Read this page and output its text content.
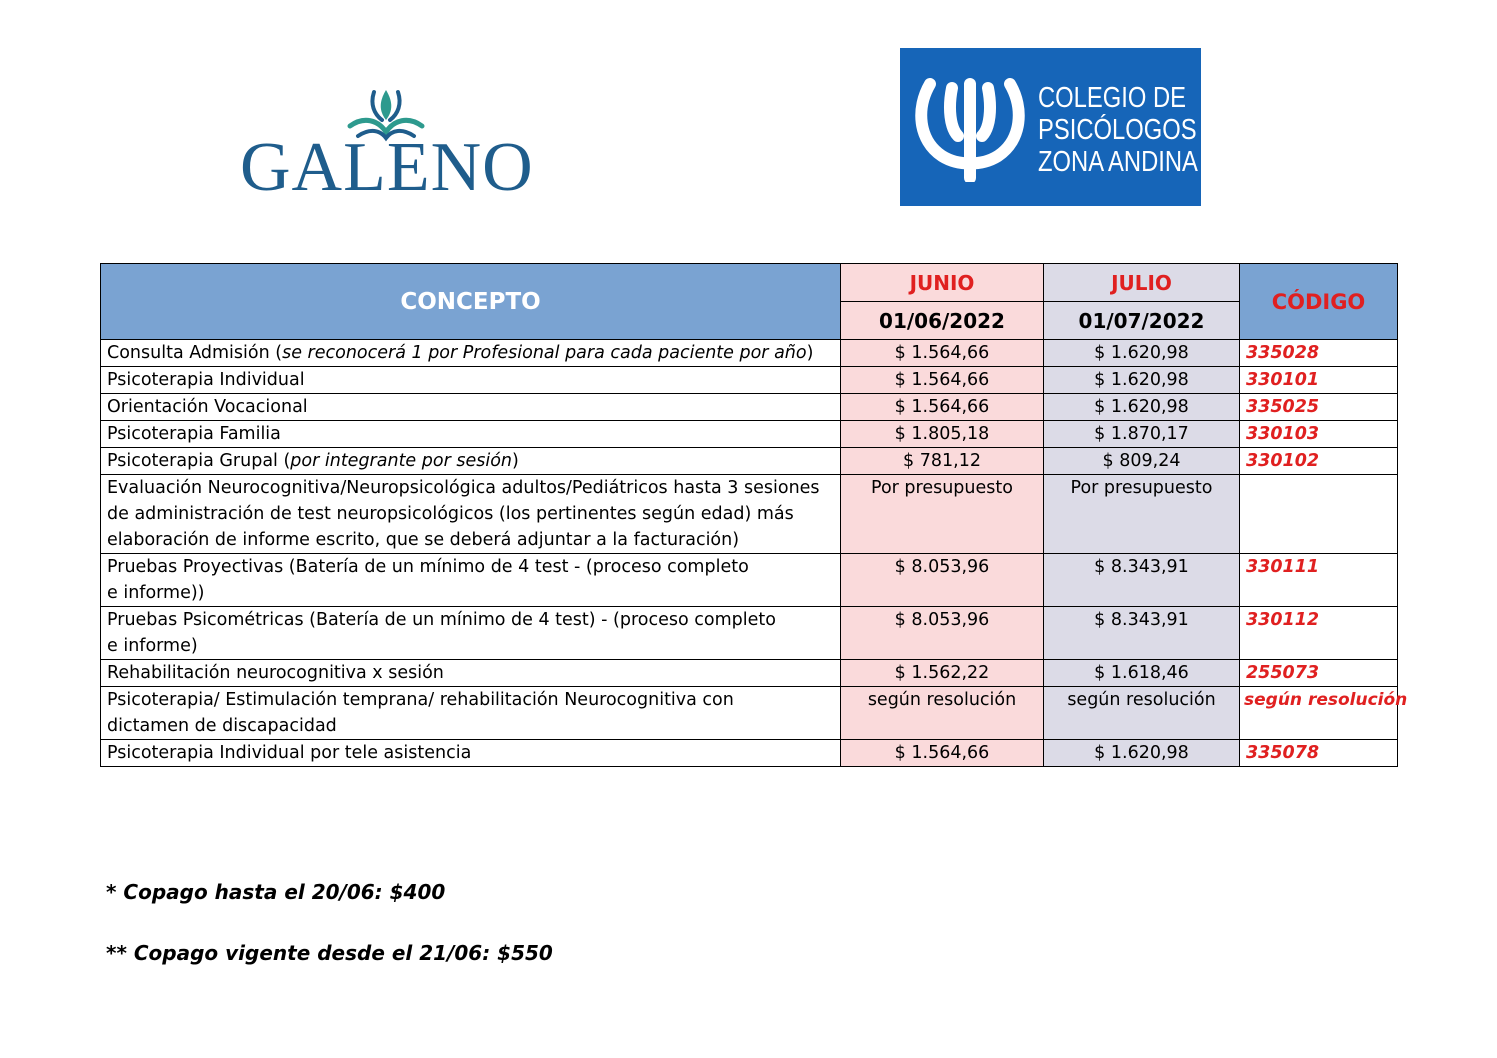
GALENO
COLEGIO DE
PSICÓLOGOS
ZONA ANDINA
CONCEPTO	JUNIO	JULIO	CÓDIGO
	01/06/2022	01/07/2022	
Consulta Admisión (se reconocerá 1 por Profesional para cada paciente por año)	$ 1.564,66	$ 1.620,98	335028
Psicoterapia Individual	$ 1.564,66	$ 1.620,98	330101
Orientación Vocacional	$ 1.564,66	$ 1.620,98	335025
Psicoterapia Familia	$ 1.805,18	$ 1.870,17	330103
Psicoterapia Grupal (por integrante por sesión)	$ 781,12	$ 809,24	330102
Evaluación Neurocognitiva/Neuropsicológica adultos/Pediátricos hasta 3 sesiones de administración de test neuropsicológicos (los pertinentes según edad) más elaboración de informe escrito, que se deberá adjuntar a la facturación)	Por presupuesto	Por presupuesto	
Pruebas Proyectivas (Batería de un mínimo de 4 test - (proceso completo e informe))	$ 8.053,96	$ 8.343,91	330111
Pruebas Psicométricas (Batería de un mínimo de 4 test) - (proceso completo e informe)	$ 8.053,96	$ 8.343,91	330112
Rehabilitación neurocognitiva x sesión	$ 1.562,22	$ 1.618,46	255073
Psicoterapia/ Estimulación temprana/ rehabilitación Neurocognitiva con dictamen de discapacidad	según resolución	según resolución	según resolución
Psicoterapia Individual por tele asistencia	$ 1.564,66	$ 1.620,98	335078
* Copago hasta el 20/06: $400
** Copago vigente desde el 21/06: $550
